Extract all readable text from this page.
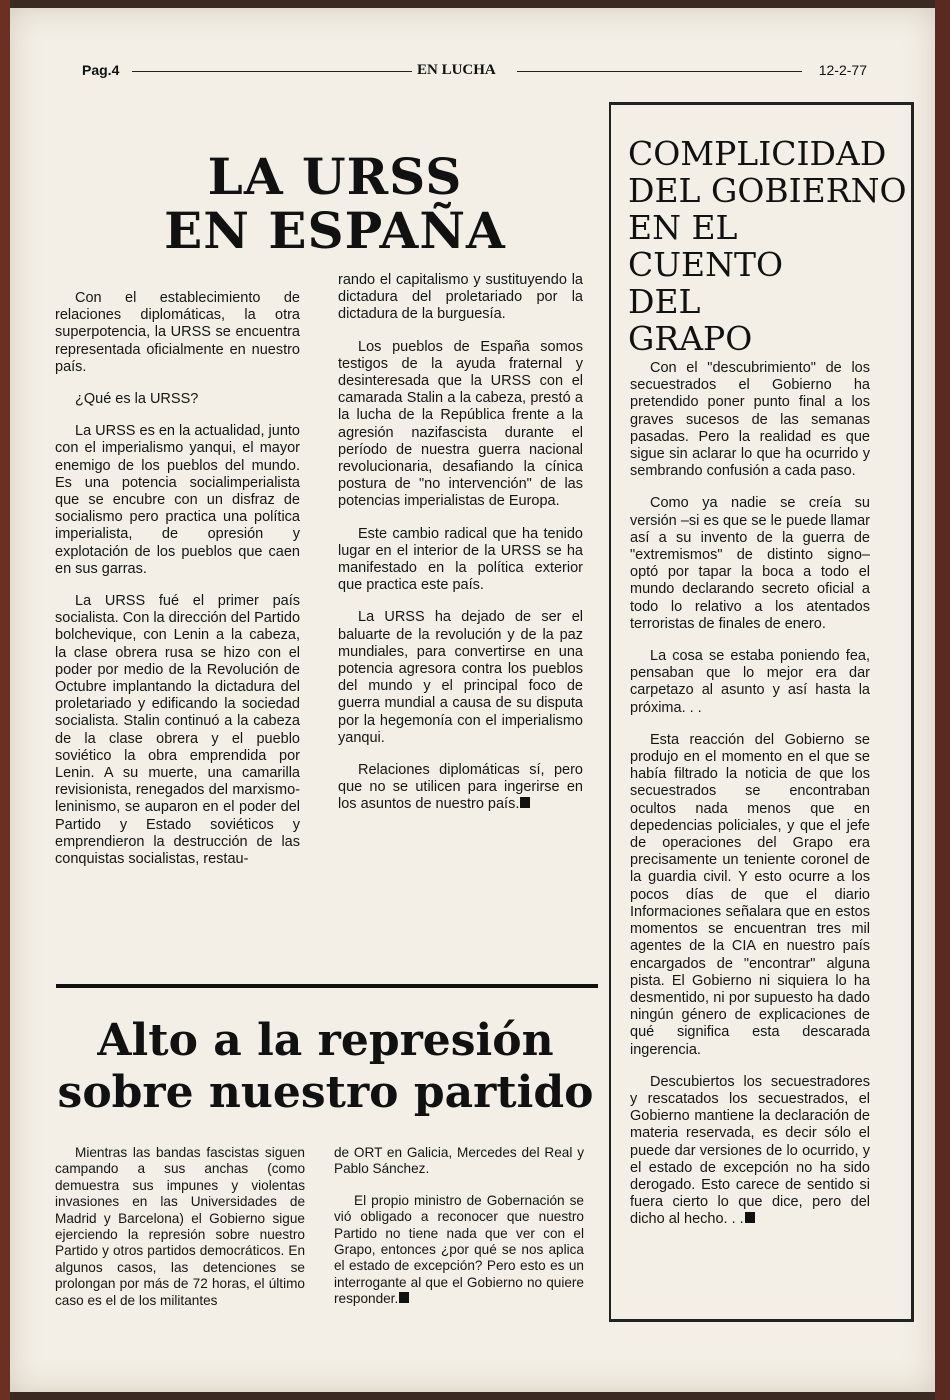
Pag.4	EN LUCHA	12-2-77
LA URSS
EN ESPAÑA

Con el establecimiento de relaciones diplomáticas, la otra superpotencia, la URSS se encuentra representada oficialmente en nuestro país.

¿Qué es la URSS?

La URSS es en la actualidad, junto con el imperialismo yanqui, el mayor enemigo de los pueblos del mundo. Es una potencia socialimperialista que se encubre con un disfraz de socialismo pero practica una política imperialista, de opresión y explotación de los pueblos que caen en sus garras.

La URSS fué el primer país socialista. Con la dirección del Partido bolchevique, con Lenin a la cabeza, la clase obrera rusa se hizo con el poder por medio de la Revolución de Octubre implantando la dictadura del proletariado y edificando la sociedad socialista. Stalin continuó a la cabeza de la clase obrera y el pueblo soviético la obra emprendida por Lenin. A su muerte, una camarilla revisionista, renegados del marxismo-leninismo, se auparon en el poder del Partido y Estado soviéticos y emprendieron la destrucción de las conquistas socialistas, restau-

rando el capitalismo y sustituyendo la dictadura del proletariado por la dictadura de la burguesía.

Los pueblos de España somos testigos de la ayuda fraternal y desinteresada que la URSS con el camarada Stalin a la cabeza, prestó a la lucha de la República frente a la agresión nazifascista durante el período de nuestra guerra nacional revolucionaria, desafiando la cínica postura de "no intervención" de las potencias imperialistas de Europa.

Este cambio radical que ha tenido lugar en el interior de la URSS se ha manifestado en la política exterior que practica este país.

La URSS ha dejado de ser el baluarte de la revolución y de la paz mundiales, para convertirse en una potencia agresora contra los pueblos del mundo y el principal foco de guerra mundial a causa de su disputa por la hegemonía con el imperialismo yanqui.

Relaciones diplomáticas sí, pero que no se utilicen para ingerirse en los asuntos de nuestro país.

COMPLICIDAD
DEL GOBIERNO
EN EL
CUENTO
DEL
GRAPO

Con el "descubrimiento" de los secuestrados el Gobierno ha pretendido poner punto final a los graves sucesos de las semanas pasadas. Pero la realidad es que sigue sin aclarar lo que ha ocurrido y sembrando confusión a cada paso.

Como ya nadie se creía su versión –si es que se le puede llamar así a su invento de la guerra de "extremismos" de distinto signo– optó por tapar la boca a todo el mundo declarando secreto oficial a todo lo relativo a los atentados terroristas de finales de enero.

La cosa se estaba poniendo fea, pensaban que lo mejor era dar carpetazo al asunto y así hasta la próxima. . .

Esta reacción del Gobierno se produjo en el momento en el que se había filtrado la noticia de que los secuestrados se encontraban ocultos nada menos que en depedencias policiales, y que el jefe de operaciones del Grapo era precisamente un teniente coronel de la guardia civil. Y esto ocurre a los pocos días de que el diario Informaciones señalara que en estos momentos se encuentran tres mil agentes de la CIA en nuestro país encargados de "encontrar" alguna pista. El Gobierno ni siquiera lo ha desmentido, ni por supuesto ha dado ningún género de explicaciones de qué significa esta descarada ingerencia.

Descubiertos los secuestradores y rescatados los secuestrados, el Gobierno mantiene la declaración de materia reservada, es decir sólo el puede dar versiones de lo ocurrido, y el estado de excepción no ha sido derogado. Esto carece de sentido si fuera cierto lo que dice, pero del dicho al hecho. . .

Alto a la represión
sobre nuestro partido

Mientras las bandas fascistas siguen campando a sus anchas (como demuestra sus impunes y violentas invasiones en las Universidades de Madrid y Barcelona) el Gobierno sigue ejerciendo la represión sobre nuestro Partido y otros partidos democráticos. En algunos casos, las detenciones se prolongan por más de 72 horas, el último caso es el de los militantes

de ORT en Galicia, Mercedes del Real y Pablo Sánchez.

El propio ministro de Gobernación se vió obligado a reconocer que nuestro Partido no tiene nada que ver con el Grapo, entonces ¿por qué se nos aplica el estado de excepción? Pero esto es un interrogante al que el Gobierno no quiere responder.
